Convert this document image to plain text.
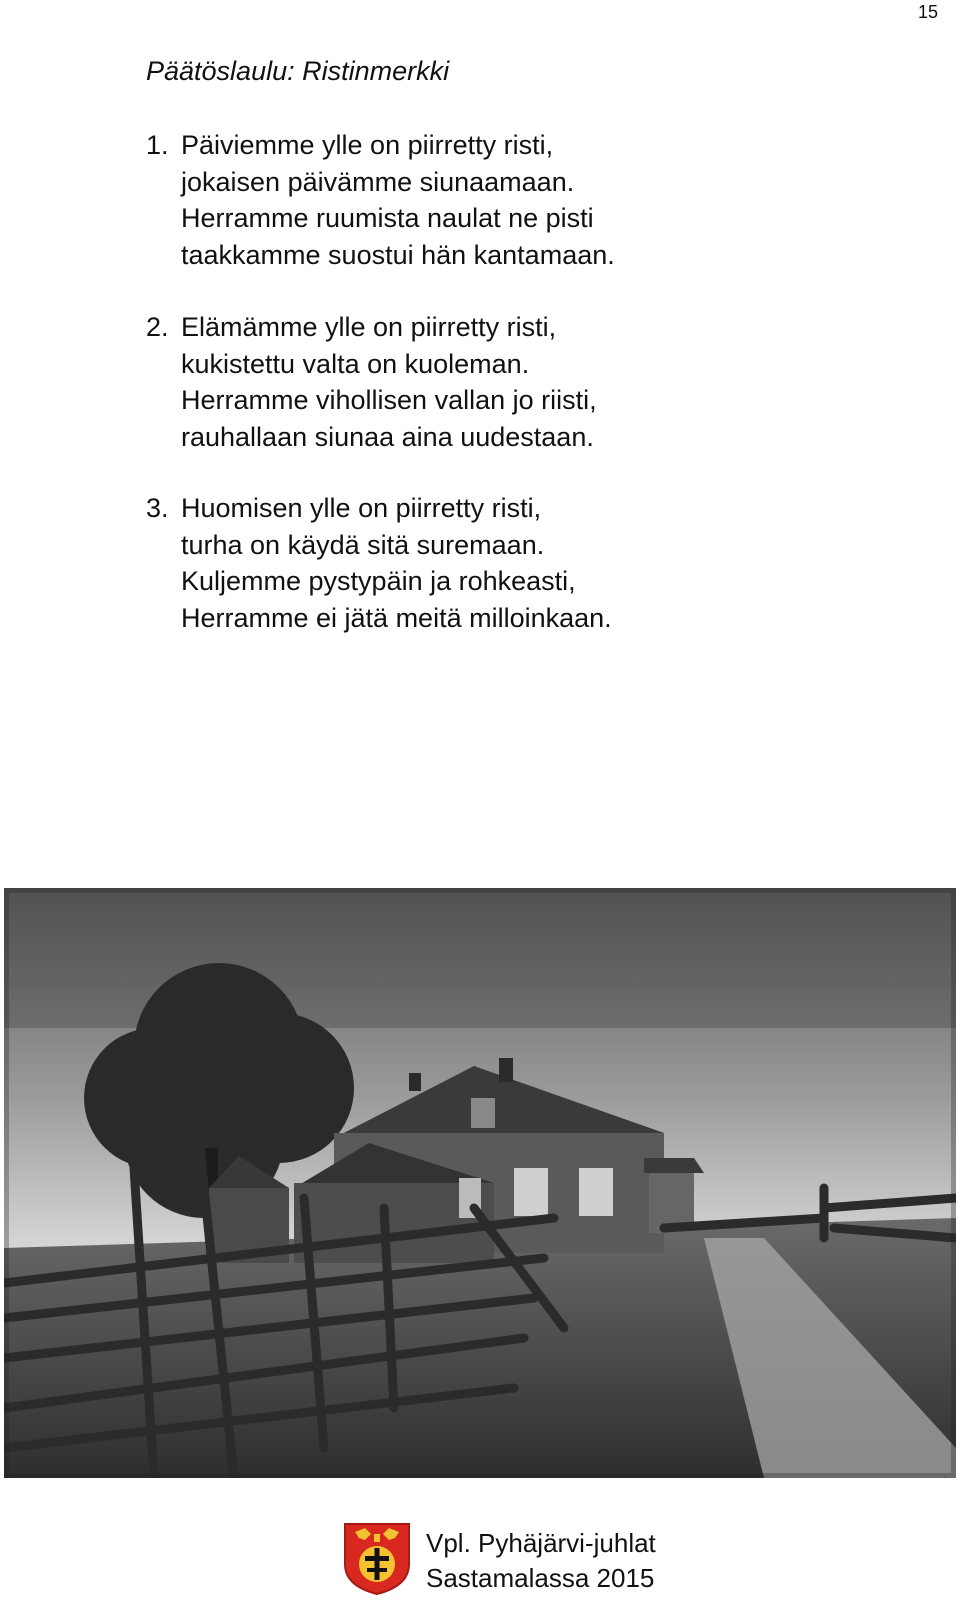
15
Päätöslaulu: Ristinmerkki
1. Päiviemme ylle on piirretty risti,
jokaisen päivämme siunaamaan.
Herramme ruumista naulat ne pisti
taakkamme suostui hän kantamaan.
2. Elämämme ylle on piirretty risti,
kukistettu valta on kuoleman.
Herramme vihollisen vallan jo riisti,
rauhallaan siunaa aina uudestaan.
3. Huomisen ylle on piirretty risti,
turha on käydä sitä suremaan.
Kuljemme pystypäin ja rohkeasti,
Herramme ei jätä meitä milloinkaan.
Vpl. Pyhäjärvi-juhlat
Sastamalassa 2015
